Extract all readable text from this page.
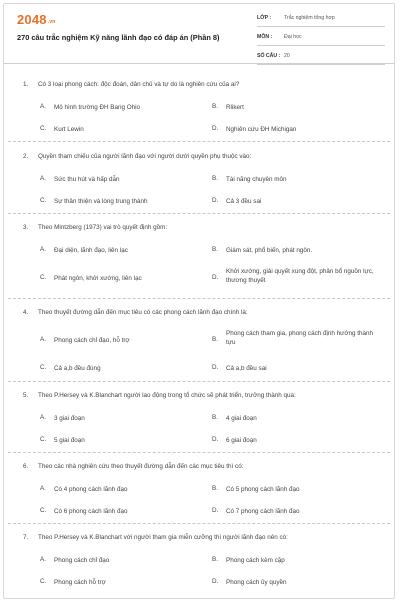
2048.vn
270 câu trắc nghiệm Kỹ năng lãnh đạo có đáp án (Phần 8)
LỚP : Trắc nghiệm tổng hợp
MÔN : Đại học
SỐ CÂU : 20
1. Có 3 loại phong cách: độc đoán, dân chủ và tự do là nghiên cứu của ai?
A.	Mô hình trường ĐH Bang Ohio	B.	Rlikert
C.	Kurt Lewin	D.	Nghiên cứu ĐH Michigan
2. Quyền tham chiếu của người lãnh đạo với người dưới quyền phụ thuộc vào:
A.	Sức thu hút và hấp dẫn	B.	Tài năng chuyên môn
C.	Sự thân thiện và lòng trung thành	D.	Cả 3 đều sai
3. Theo Mintzberg (1973) vai trò quyết định gồm:
A.	Đại diện, lãnh đạo, liên lạc	B.	Giám sát, phổ biến, phát ngôn.
C.	Phát ngôn, khởi xướng, liên lạc	D.
Khởi xướng, giải quyết xung đột, phân bổ nguồn lực, thương thuyết
4. Theo thuyết đường dẫn đến mục tiêu có các phong cách lãnh đạo chính là:
A.	Phong cách chỉ đạo, hỗ trợ	B.
Phong cách tham gia, phong cách định hướng thành tựu
C.	Cả a,b đều đúng	D.	Cả a,b đều sai
5. Theo P.Hersey và K.Blanchart người lao động trong tổ chức sẽ phát triển, trưởng thành qua:
A.	3 giai đoạn	B.	4 giai đoạn
C.	5 giai đoạn	D.	6 giai đoạn
6. Theo các nhà nghiên cứu theo thuyết đường dẫn đến các mục tiêu thì có:
A.	Có 4 phong cách lãnh đạo	B.	Có 5 phong cách lãnh đạo
C.	Có 6 phong cách lãnh đạo	D.	Có 7 phong cách lãnh đạo
7. Theo P.Hersey và K.Blanchart với người tham gia miễn cưỡng thì người lãnh đạo nên có:
A.	Phong cách chỉ đạo	B.	Phong cách kèm cặp
C.	Phong cách hỗ trợ	D.	Phong cách ủy quyền
